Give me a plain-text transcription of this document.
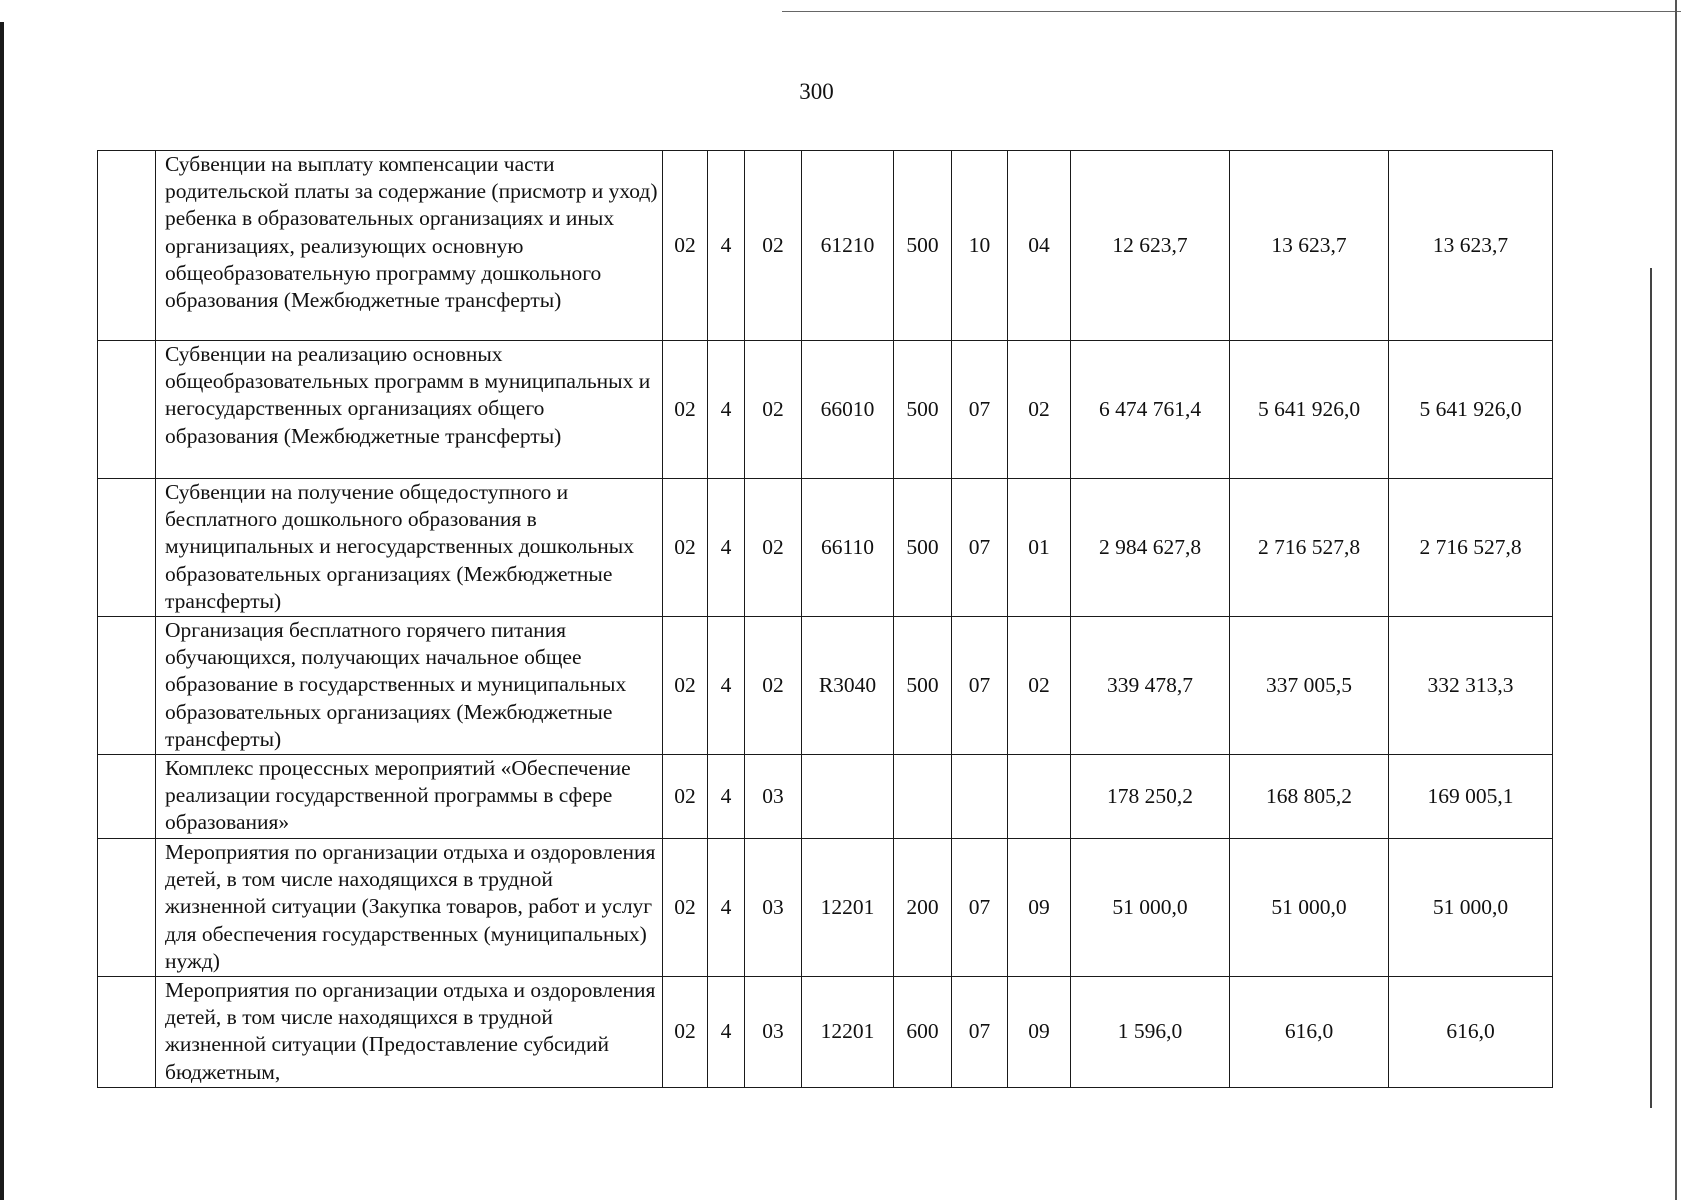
300
	Субвенции на выплату компенсации части родительской платы за содержание (присмотр и уход) ребенка в образовательных организациях и иных организациях, реализующих основную общеобразовательную программу дошкольного образования (Межбюджетные трансферты)	02	4	02	61210	500	10	04	12 623,7	13 623,7	13 623,7
	Субвенции на реализацию основных общеобразовательных программ в муниципальных и негосударственных организациях общего образования (Межбюджетные трансферты)	02	4	02	66010	500	07	02	6 474 761,4	5 641 926,0	5 641 926,0
	Субвенции на получение общедоступного и бесплатного дошкольного образования в муниципальных и негосударственных дошкольных образовательных организациях (Межбюджетные трансферты)	02	4	02	66110	500	07	01	2 984 627,8	2 716 527,8	2 716 527,8
	Организация бесплатного горячего питания обучающихся, получающих начальное общее образование в государственных и муниципальных образовательных организациях (Межбюджетные трансферты)	02	4	02	R3040	500	07	02	339 478,7	337 005,5	332 313,3
	Комплекс процессных мероприятий «Обеспечение реализации государственной программы в сфере образования»	02	4	03					178 250,2	168 805,2	169 005,1
	Мероприятия по организации отдыха и оздоровления детей, в том числе находящихся в трудной жизненной ситуации (Закупка товаров, работ и услуг для обеспечения государственных (муниципальных) нужд)	02	4	03	12201	200	07	09	51 000,0	51 000,0	51 000,0
	Мероприятия по организации отдыха и оздоровления детей, в том числе находящихся в трудной жизненной ситуации (Предоставление субсидий бюджетным,	02	4	03	12201	600	07	09	1 596,0	616,0	616,0
